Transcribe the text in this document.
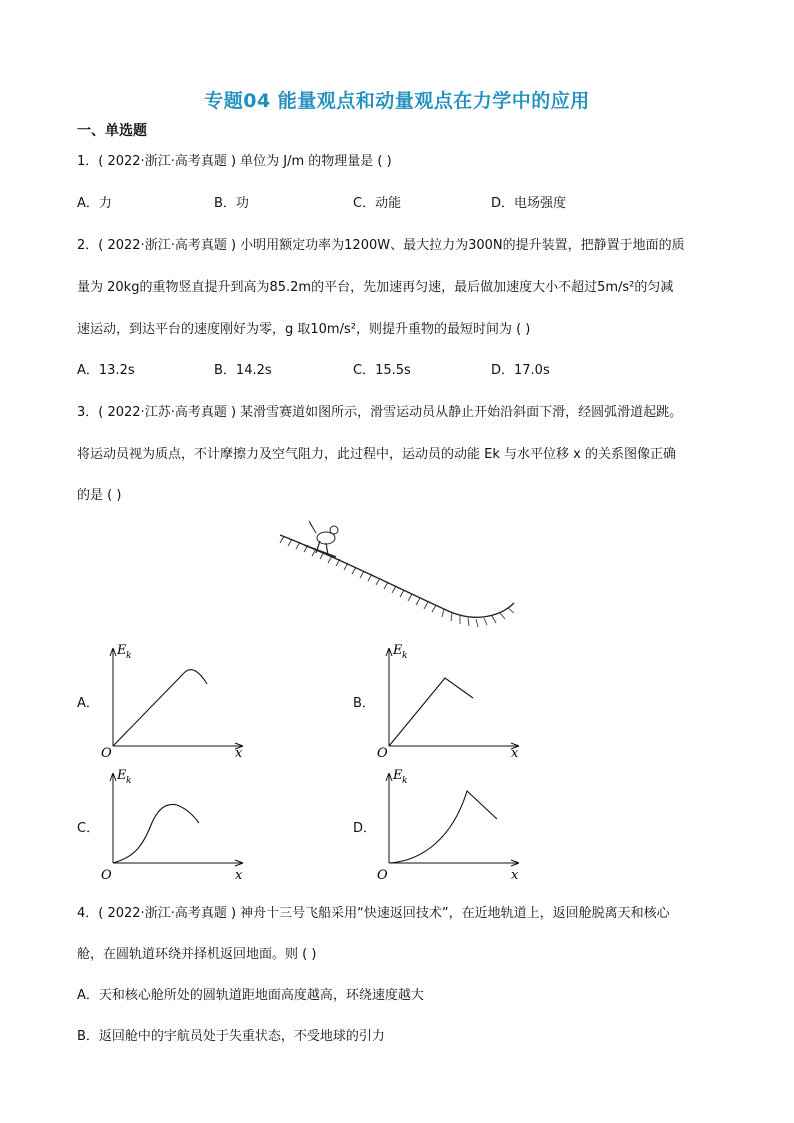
专题04 能量观点和动量观点在力学中的应用
一、单选题
1．( 2022·浙江·高考真题 ) 单位为 J/m 的物理量是 ( )
A．力	B．功	C．动能	D．电场强度
2．( 2022·浙江·高考真题 ) 小明用额定功率为1200W、最大拉力为300N的提升装置，把静置于地面的质
量为 20kg的重物竖直提升到高为85.2m的平台，先加速再匀速，最后做加速度大小不超过5m/s²的匀减
速运动，到达平台的速度刚好为零，g 取10m/s²，则提升重物的最短时间为 ( )
A．13.2s	B．14.2s	C．15.5s	D．17.0s
3．( 2022·江苏·高考真题 ) 某滑雪赛道如图所示，滑雪运动员从静止开始沿斜面下滑，经圆弧滑道起跳。
将运动员视为质点，不计摩擦力及空气阻力，此过程中，运动员的动能 Ek 与水平位移 x 的关系图像正确
的是 ( )
A．
E k
O	x
B．
E k
O	x
C．
E k
O	x
D．
E k
O	x
4．( 2022·浙江·高考真题 ) 神舟十三号飞船采用“快速返回技术”，在近地轨道上，返回舱脱离天和核心
舱，在圆轨道环绕并择机返回地面。则 ( )
A．天和核心舱所处的圆轨道距地面高度越高，环绕速度越大
B．返回舱中的宇航员处于失重状态，不受地球的引力
